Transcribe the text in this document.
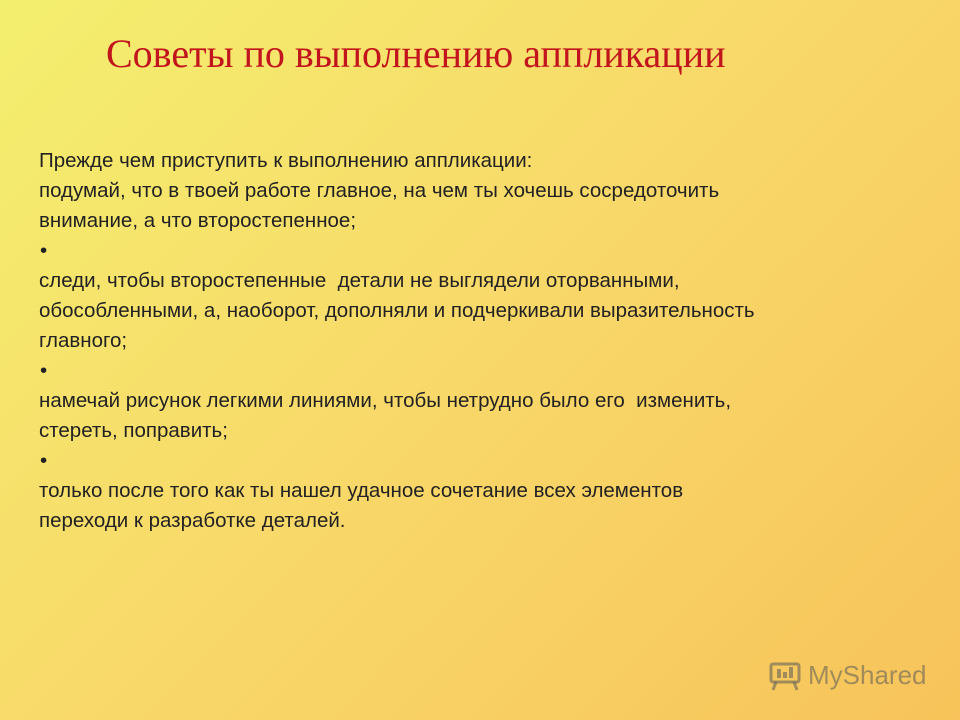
Советы по выполнению аппликации
Прежде чем приступить к выполнению аппликации:
подумай, что в твоей работе главное, на чем ты хочешь сосредоточить
внимание, а что второстепенное;
•
следи, чтобы второстепенные  детали не выглядели оторванными,
обособленными, а, наоборот, дополняли и подчеркивали выразительность
главного;
•
намечай рисунок легкими линиями, чтобы нетрудно было его  изменить,
стереть, поправить;
•
только после того как ты нашел удачное сочетание всех элементов
переходи к разработке деталей.
MyShared
